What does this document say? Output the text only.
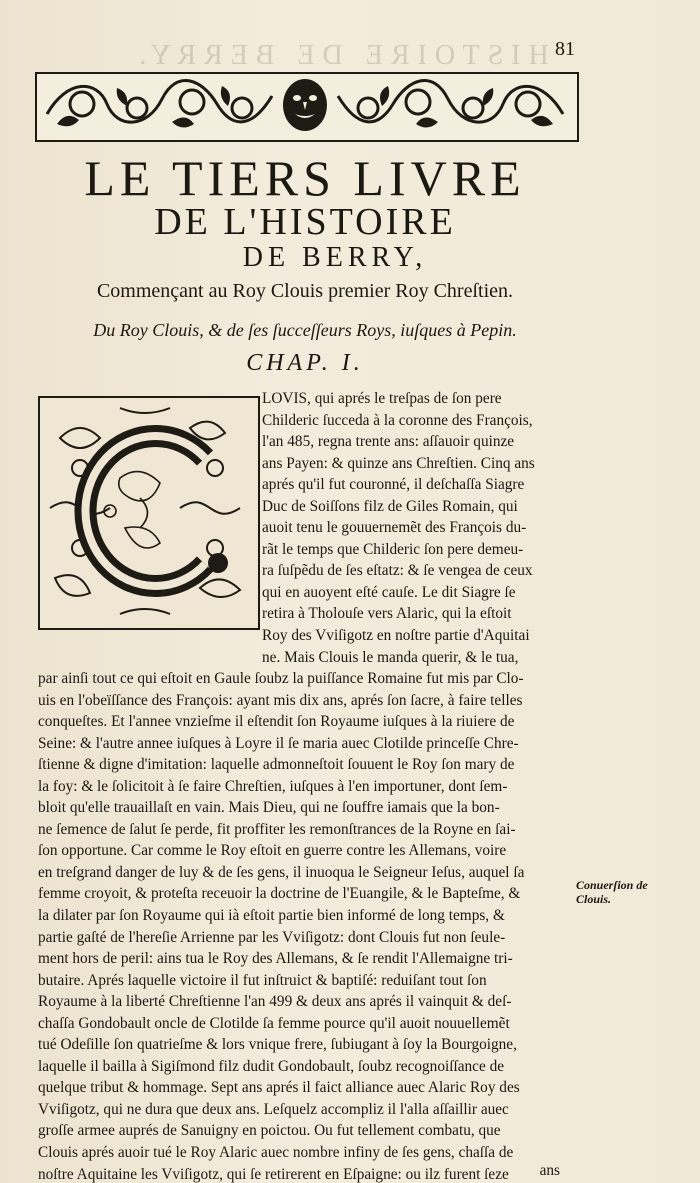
HISTOIRE DE BERRY. 81
LE TIERS LIVRE
DE L'HISTOIRE
DE BERRY,
Commençant au Roy Clouis premier Roy Chreſtien.
Du Roy Clouis, & de ſes ſucceſſeurs Roys, iuſques à Pepin.
CHAP. I.
LOVIS, qui aprés le treſpas de ſon pere
Childeric ſucceda à la coronne des François,
l'an 485, regna trente ans: aſſauoir quinze
ans Payen: & quinze ans Chreſtien. Cinq ans
aprés qu'il fut couronné, il deſchaſſa Siagre
Duc de Soiſſons filz de Giles Romain, qui
auoit tenu le gouuernemẽt des François du-
rãt le temps que Childeric ſon pere demeu-
ra ſuſpẽdu de ſes eſtatz: & ſe vengea de ceux
qui en auoyent eſté cauſe. Le dit Siagre ſe
retira à Tholouſe vers Alaric, qui la eſtoit
Roy des Vviſigotz en noſtre partie d'Aquitai
ne. Mais Clouis le manda querir, & le tua,
par ainſi tout ce qui eſtoit en Gaule ſoubz la puiſſance Romaine fut mis par Clo-
uis en l'obeïſſance des François: ayant mis dix ans, aprés ſon ſacre, à faire telles
conqueſtes. Et l'annee vnzieſme il eſtendit ſon Royaume iuſques à la riuiere de
Seine: & l'autre annee iuſques à Loyre il ſe maria auec Clotilde princeſſe Chre-
ſtienne & digne d'imitation: laquelle admonneſtoit ſouuent le Roy ſon mary de
la foy: & le ſolicitoit à ſe faire Chreſtien, iuſques à l'en importuner, dont ſem-
bloit qu'elle trauaillaſt en vain. Mais Dieu, qui ne ſouffre iamais que la bon-
ne ſemence de ſalut ſe perde, fit proffiter les remonſtrances de la Royne en ſai-
ſon opportune. Car comme le Roy eſtoit en guerre contre les Allemans, voire
en treſgrand danger de luy & de ſes gens, il inuoqua le Seigneur Ieſus, auquel ſa
femme croyoit, & proteſta receuoir la doctrine de l'Euangile, & le Bapteſme, &
la dilater par ſon Royaume qui ià eſtoit partie bien informé de long temps, &
partie gaſté de l'hereſie Arrienne par les Vviſigotz: dont Clouis fut non ſeule-
ment hors de peril: ains tua le Roy des Allemans, & ſe rendit l'Allemaigne tri-
butaire. Aprés laquelle victoire il fut inſtruict & baptiſé: reduiſant tout ſon
Royaume à la liberté Chreſtienne l'an 499 & deux ans aprés il vainquit & deſ-
chaſſa Gondobault oncle de Clotilde ſa femme pource qu'il auoit nouuellemẽt
tué Odeſille ſon quatrieſme & lors vnique frere, ſubiugant à ſoy la Bourgoigne,
laquelle il bailla à Sigiſmond filz dudit Gondobault, ſoubz recognoiſſance de
quelque tribut & hommage. Sept ans aprés il faict alliance auec Alaric Roy des
Vviſigotz, qui ne dura que deux ans. Leſquelz accompliz il l'alla aſſaillir auec
groſſe armee auprés de Sanuigny en poictou. Ou fut tellement combatu, que
Clouis aprés auoir tué le Roy Alaric auec nombre infiny de ſes gens, chaſſa de
ans
Conuerſion de
Clouis.
noſtre Aquitaine les Vviſigotz, qui ſe retirerent en Eſpaigne: ou ilz furent ſeze
